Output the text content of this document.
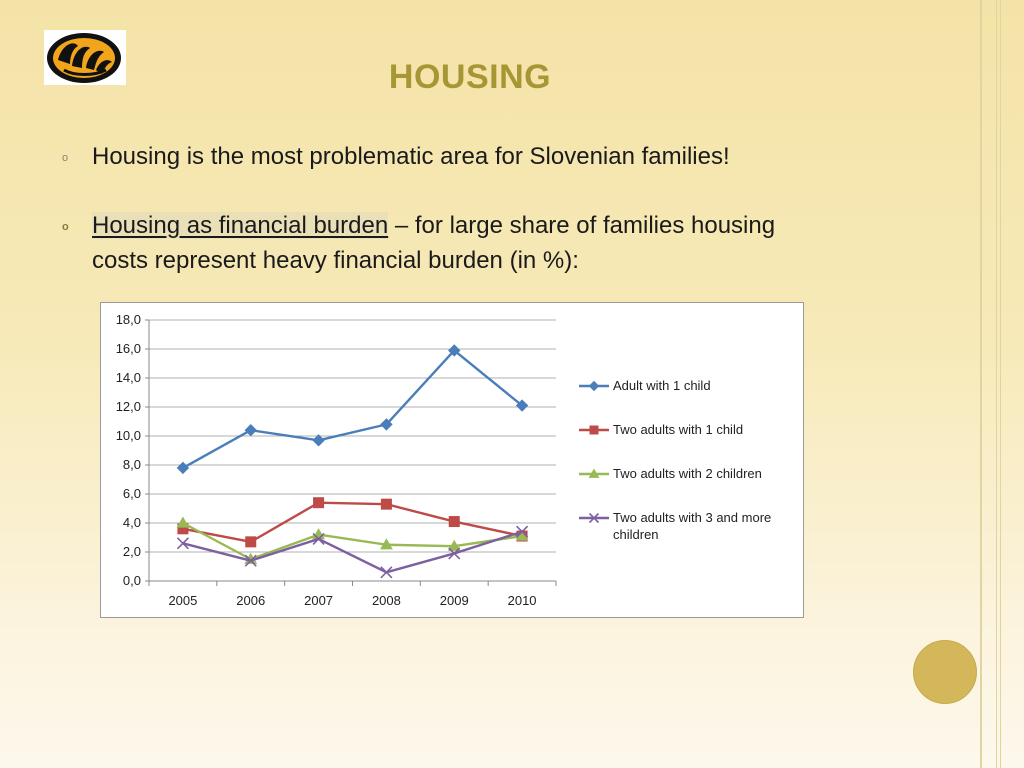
HOUSING
o Housing is the most problematic area for Slovenian families!
o Housing as financial burden – for large share of families housing
costs represent heavy financial burden (in %):
0,0
2,0
4,0
6,0
8,0
10,0
12,0
14,0
16,0
18,0
2005	2006	2007	2008	2009	2010
Adult with 1 child
Two adults with 1 child
Two adults with 2 children
Two adults with 3 and more children
